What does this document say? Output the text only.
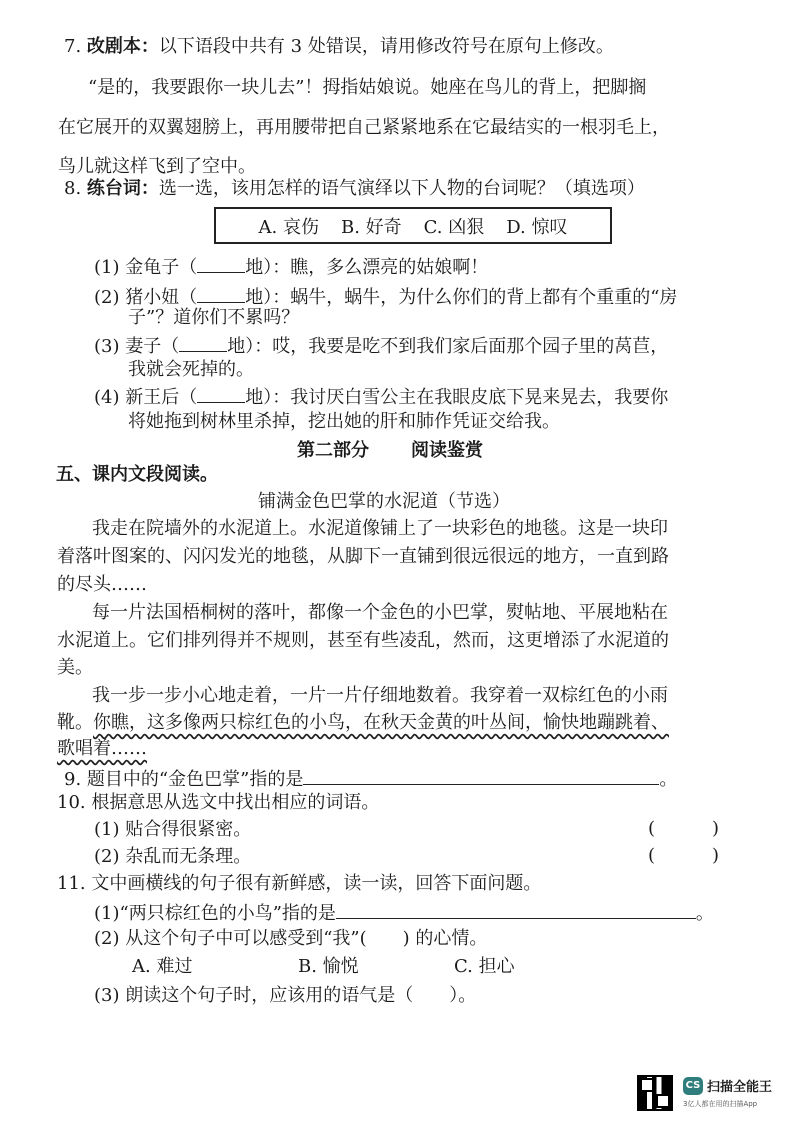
7. 改剧本：以下语段中共有 3 处错误，请用修改符号在原句上修改。
“是的，我要跟你一块儿去”！拇指姑娘说。她座在鸟儿的背上，把脚搁
在它展开的双翼翅膀上，再用腰带把自己紧紧地系在它最结实的一根羽毛上，
鸟儿就这样飞到了空中。
8. 练台词：选一选，该用怎样的语气演绎以下人物的台词呢？（填选项）
A. 哀伤 B. 好奇 C. 凶狠 D. 惊叹
(1) 金龟子（	地）：瞧，多么漂亮的姑娘啊！
(2) 猪小妞（	地）：蜗牛，蜗牛，为什么你们的背上都有个重重的“房
子”？道你们不累吗？
(3) 妻子（	地）：哎，我要是吃不到我们家后面那个园子里的莴苣，
我就会死掉的。
(4) 新王后（	地）：我讨厌白雪公主在我眼皮底下晃来晃去，我要你
将她拖到树林里杀掉，挖出她的肝和肺作凭证交给我。
第二部分 阅读鉴赏
五、课内文段阅读。
铺满金色巴掌的水泥道（节选）
我走在院墙外的水泥道上。水泥道像铺上了一块彩色的地毯。这是一块印
着落叶图案的、闪闪发光的地毯，从脚下一直铺到很远很远的地方，一直到路
的尽头……
每一片法国梧桐树的落叶，都像一个金色的小巴掌，熨帖地、平展地粘在
水泥道上。它们排列得并不规则，甚至有些凌乱，然而，这更增添了水泥道的
美。
我一步一步小心地走着，一片一片仔细地数着。我穿着一双棕红色的小雨
靴。你瞧，这多像两只棕红色的小鸟，在秋天金黄的叶丛间，愉快地蹦跳着、
歌唱着……
9. 题目中的“金色巴掌”指的是	。
10. 根据意思从选文中找出相应的词语。
(1) 贴合得很紧密。	(	)
(2) 杂乱而无条理。	(	)
11. 文中画横线的句子很有新鲜感，读一读，回答下面问题。
(1)“两只棕红色的小鸟”指的是	。
(2) 从这个句子中可以感受到“我”(　　) 的心情。
A. 难过	B. 愉悦	C. 担心
(3) 朗读这个句子时，应该用的语气是（　　）。
CS 扫描全能王
3亿人都在用的扫描App
